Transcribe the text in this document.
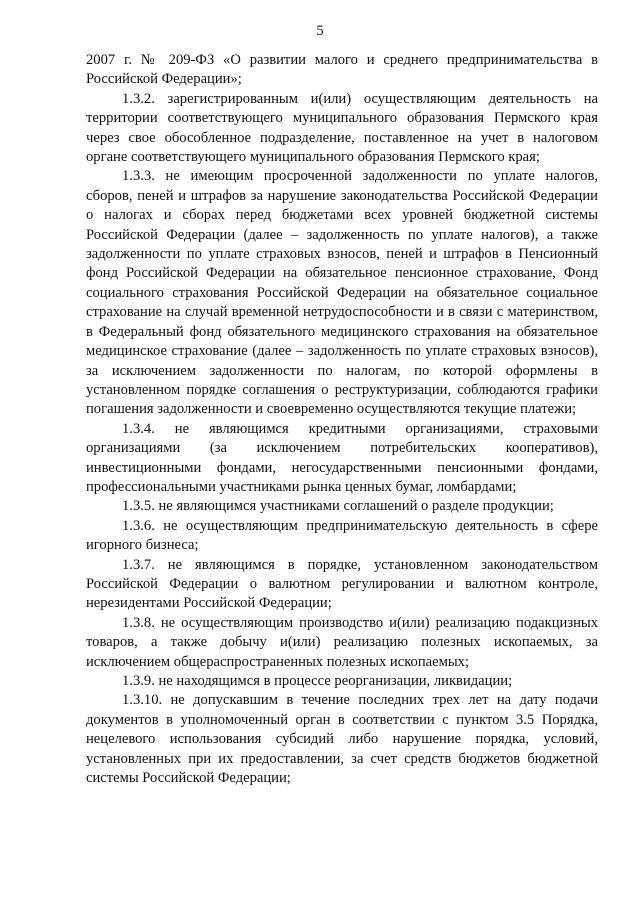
5

2007 г. № 209-ФЗ «О развитии малого и среднего предпринимательства в Российской Федерации»;

1.3.2. зарегистрированным и(или) осуществляющим деятельность на территории соответствующего муниципального образования Пермского края через свое обособленное подразделение, поставленное на учет в налоговом органе соответствующего муниципального образования Пермского края;

1.3.3. не имеющим просроченной задолженности по уплате налогов, сборов, пеней и штрафов за нарушение законодательства Российской Федерации о налогах и сборах перед бюджетами всех уровней бюджетной системы Российской Федерации (далее – задолженность по уплате налогов), а также задолженности по уплате страховых взносов, пеней и штрафов в Пенсионный фонд Российской Федерации на обязательное пенсионное страхование, Фонд социального страхования Российской Федерации на обязательное социальное страхование на случай временной нетрудоспособности и в связи с материнством, в Федеральный фонд обязательного медицинского страхования на обязательное медицинское страхование (далее – задолженность по уплате страховых взносов), за исключением задолженности по налогам, по которой оформлены в установленном порядке соглашения о реструктуризации, соблюдаются графики погашения задолженности и своевременно осуществляются текущие платежи;

1.3.4. не являющимся кредитными организациями, страховыми организациями (за исключением потребительских кооперативов), инвестиционными фондами, негосударственными пенсионными фондами, профессиональными участниками рынка ценных бумаг, ломбардами;

1.3.5. не являющимся участниками соглашений о разделе продукции;

1.3.6. не осуществляющим предпринимательскую деятельность в сфере игорного бизнеса;

1.3.7. не являющимся в порядке, установленном законодательством Российской Федерации о валютном регулировании и валютном контроле, нерезидентами Российской Федерации;

1.3.8. не осуществляющим производство и(или) реализацию подакцизных товаров, а также добычу и(или) реализацию полезных ископаемых, за исключением общераспространенных полезных ископаемых;

1.3.9. не находящимся в процессе реорганизации, ликвидации;

1.3.10. не допускавшим в течение последних трех лет на дату подачи документов в уполномоченный орган в соответствии с пунктом 3.5 Порядка, нецелевого использования субсидий либо нарушение порядка, условий, установленных при их предоставлении, за счет средств бюджетов бюджетной системы Российской Федерации;
